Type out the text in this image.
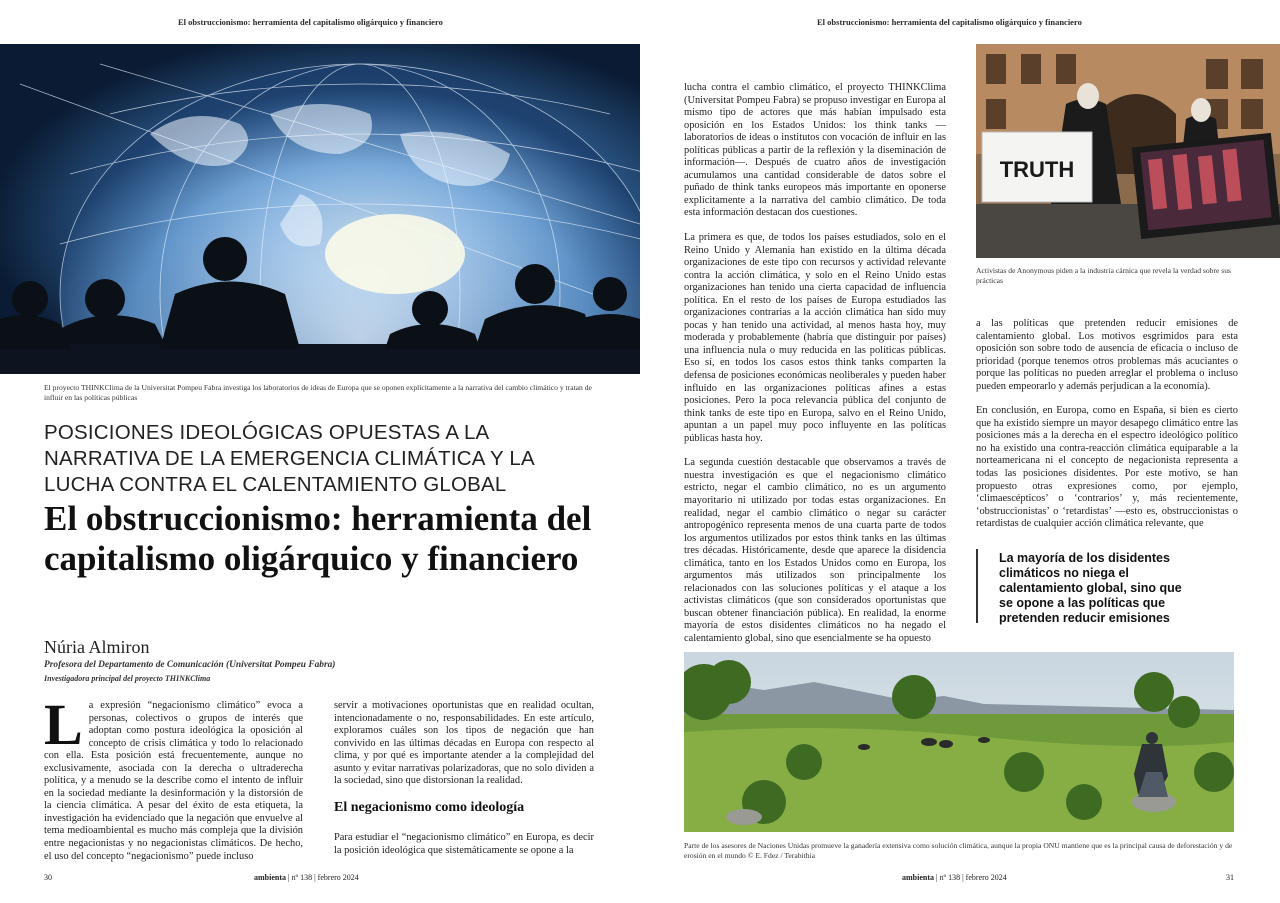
El obstruccionismo: herramienta del capitalismo oligárquico y financiero	El obstruccionismo: herramienta del capitalismo oligárquico y financiero
El proyecto THINKClima de la Universitat Pompeu Fabra investiga los laboratorios de ideas de Europa que se oponen explícitamente a la narrativa del cambio climático y tratan de influir en las políticas públicas
POSICIONES IDEOLÓGICAS OPUESTAS A LA NARRATIVA DE LA EMERGENCIA CLIMÁTICA Y LA LUCHA CONTRA EL CALENTAMIENTO GLOBAL
El obstruccionismo: herramienta del capitalismo oligárquico y financiero
Núria Almiron
Profesora del Departamento de Comunicación (Universitat Pompeu Fabra)
Investigadora principal del proyecto THINKClima
La expresión “negacionismo climático” evoca a personas, colectivos o grupos de interés que adoptan como postura ideológica la oposición al concepto de crisis climática y todo lo relacionado con ella. Esta posición está frecuentemente, aunque no exclusivamente, asociada con la derecha o ultraderecha política, y a menudo se la describe como el intento de influir en la sociedad mediante la desinformación y la distorsión de la ciencia climática. A pesar del éxito de esta etiqueta, la investigación ha evidenciado que la negación que envuelve al tema medioambiental es mucho más compleja que la división entre negacionistas y no negacionistas climáticos. De hecho, el uso del concepto “negacionismo” puede incluso

servir a motivaciones oportunistas que en realidad ocultan, intencionadamente o no, responsabilidades. En este artículo, exploramos cuáles son los tipos de negación que han convivido en las últimas décadas en Europa con respecto al clima, y por qué es importante atender a la complejidad del asunto y evitar narrativas polarizadoras, que no solo dividen a la sociedad, sino que distorsionan la realidad.

El negacionismo como ideología
Para estudiar el “negacionismo climático” en Europa, es decir la posición ideológica que sistemáticamente se opone a la
30	ambienta | nº 138 | febrero 2024

lucha contra el cambio climático, el proyecto THINKClima (Universitat Pompeu Fabra) se propuso investigar en Europa al mismo tipo de actores que más habían impulsado esta oposición en los Estados Unidos: los think tanks —laboratorios de ideas o institutos con vocación de influir en las políticas públicas a partir de la reflexión y la diseminación de información—. Después de cuatro años de investigación acumulamos una cantidad considerable de datos sobre el puñado de think tanks europeos más importante en oponerse explícitamente a la narrativa del cambio climático. De toda esta información destacan dos cuestiones.

La primera es que, de todos los países estudiados, solo en el Reino Unido y Alemania han existido en la última década organizaciones de este tipo con recursos y actividad relevante contra la acción climática, y solo en el Reino Unido estas organizaciones han tenido una cierta capacidad de influencia política. En el resto de los países de Europa estudiados las organizaciones contrarias a la acción climática han sido muy pocas y han tenido una actividad, al menos hasta hoy, muy moderada y probablemente (habría que distinguir por países) una influencia nula o muy reducida en las políticas públicas. Eso sí, en todos los casos estos think tanks comparten la defensa de posiciones económicas neoliberales y pueden haber influido en las organizaciones políticas afines a estas posiciones. Pero la poca relevancia pública del conjunto de think tanks de este tipo en Europa, salvo en el Reino Unido, apuntan a un papel muy poco influyente en las políticas públicas hasta hoy.

La segunda cuestión destacable que observamos a través de nuestra investigación es que el negacionismo climático estricto, negar el cambio climático, no es un argumento mayoritario ni utilizado por todas estas organizaciones. En realidad, negar el cambio climático o negar su carácter antropogénico representa menos de una cuarta parte de todos los argumentos utilizados por estos think tanks en las últimas tres décadas. Históricamente, desde que aparece la disidencia climática, tanto en los Estados Unidos como en Europa, los argumentos más utilizados son principalmente los relacionados con las soluciones políticas y el ataque a los activistas climáticos (que son considerados oportunistas que buscan obtener financiación pública). En realidad, la enorme mayoría de estos disidentes climáticos no ha negado el calentamiento global, sino que esencialmente se ha opuesto

TRUTH
Activistas de Anonymous piden a la industria cárnica que revela la verdad sobre sus prácticas

a las políticas que pretenden reducir emisiones de calentamiento global. Los motivos esgrimidos para esta oposición son sobre todo de ausencia de eficacia o incluso de prioridad (porque tenemos otros problemas más acuciantes o porque las políticas no pueden arreglar el problema o incluso pueden empeorarlo y además perjudican a la economía).

En conclusión, en Europa, como en España, si bien es cierto que ha existido siempre un mayor desapego climático entre las posiciones más a la derecha en el espectro ideológico político no ha existido una contra-reacción climática equiparable a la norteamericana ni el concepto de negacionista representa a todas las posiciones disidentes. Por este motivo, se han propuesto otras expresiones como, por ejemplo, ‘climaescépticos’ o ‘contrarios’ y, más recientemente, ‘obstruccionistas’ o ‘retardistas’ —esto es, obstruccionistas o retardistas de cualquier acción climática relevante, que

La mayoría de los disidentes climáticos no niega el calentamiento global, sino que se opone a las políticas que pretenden reducir emisiones
Parte de los asesores de Naciones Unidas promueve la ganadería extensiva como solución climática, aunque la propia ONU mantiene que es la principal causa de deforestación y de erosión en el mundo © E. Fdez / Terabithia
ambienta | nº 138 | febrero 2024	31
